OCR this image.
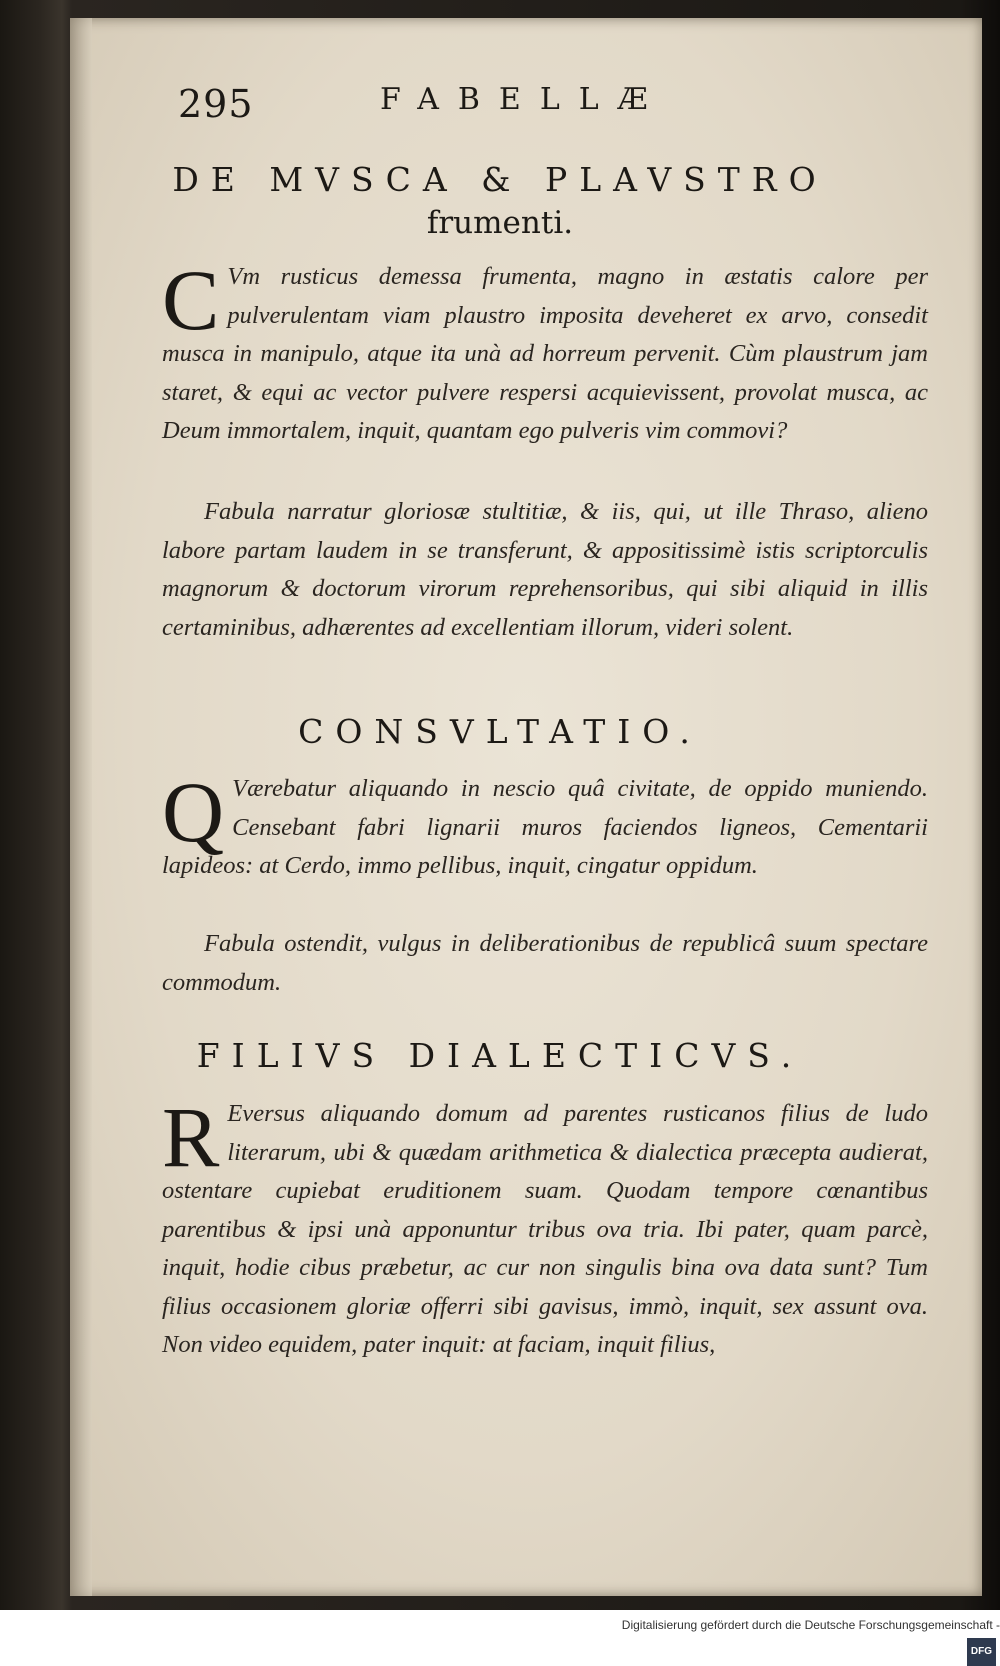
295	FABELLÆ
DE MVSCA & PLAVSTRO
frumenti.
C Vm rusticus demessa frumenta, magno in æstatis calore per pulverulentam viam plaustro imposita deveheret ex arvo, consedit musca in manipulo, atque ita unà ad horreum pervenit. Cùm plaustrum jam staret, & equi ac vector pulvere respersi acquievissent, provolat musca, ac Deum immortalem, inquit, quantam ego pulveris vim commovi?
Fabula narratur gloriosæ stultitiæ, & iis, qui, ut ille Thraso, alieno labore partam laudem in se transferunt, & appositissimè istis scriptorculis magnorum & doctorum virorum reprehensoribus, qui sibi aliquid in illis certaminibus, adhærentes ad excellentiam illorum, videri solent.
CONSVLTATIO.
Q Værebatur aliquando in nescio quâ civitate, de oppido muniendo. Censebant fabri lignarii muros faciendos ligneos, Cementarii lapideos: at Cerdo, immo pellibus, inquit, cingatur oppidum.
Fabula ostendit, vulgus in deliberationibus de republicâ suum spectare commodum.
FILIVS DIALECTICVS.
R Eversus aliquando domum ad parentes rusticanos filius de ludo literarum, ubi & quædam arithmetica & dialectica præcepta audierat, ostentare cupiebat eruditionem suam. Quodam tempore cœnantibus parentibus & ipsi unà apponuntur tribus ova tria. Ibi pater, quam parcè, inquit, hodie cibus præbetur, ac cur non singulis bina ova data sunt? Tum filius occasionem gloriæ offerri sibi gavisus, immò, inquit, sex assunt ova. Non video equidem, pater inquit: at faciam, inquit filius,
Digitalisierung gefördert durch die Deutsche Forschungsgemeinschaft -DFG
